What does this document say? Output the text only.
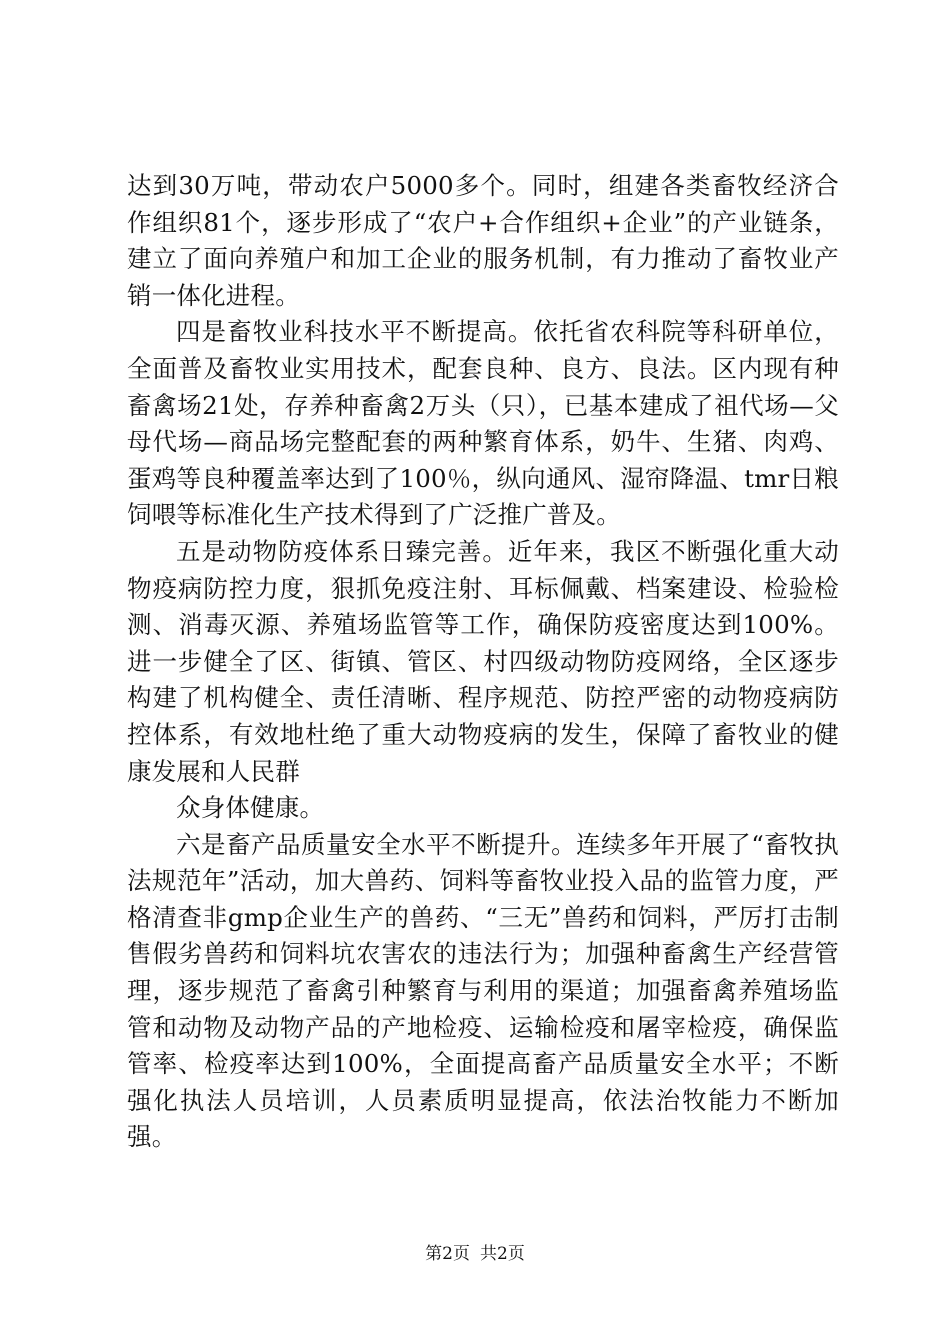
达到30万吨，带动农户5000多个。同时，组建各类畜牧经济合作组织81个，逐步形成了“农户+合作组织+企业”的产业链条，建立了面向养殖户和加工企业的服务机制，有力推动了畜牧业产销一体化进程。

四是畜牧业科技水平不断提高。依托省农科院等科研单位，全面普及畜牧业实用技术，配套良种、良方、良法。区内现有种畜禽场21处，存养种畜禽2万头（只），已基本建成了祖代场—父母代场—商品场完整配套的两种繁育体系，奶牛、生猪、肉鸡、蛋鸡等良种覆盖率达到了100％，纵向通风、湿帘降温、tmr日粮饲喂等标准化生产技术得到了广泛推广普及。

五是动物防疫体系日臻完善。近年来，我区不断强化重大动物疫病防控力度，狠抓免疫注射、耳标佩戴、档案建设、检验检测、消毒灭源、养殖场监管等工作，确保防疫密度达到100%。进一步健全了区、街镇、管区、村四级动物防疫网络，全区逐步构建了机构健全、责任清晰、程序规范、防控严密的动物疫病防控体系，有效地杜绝了重大动物疫病的发生，保障了畜牧业的健康发展和人民群

众身体健康。

六是畜产品质量安全水平不断提升。连续多年开展了“畜牧执法规范年”活动，加大兽药、饲料等畜牧业投入品的监管力度，严格清查非gmp企业生产的兽药、“三无”兽药和饲料，严厉打击制售假劣兽药和饲料坑农害农的违法行为；加强种畜禽生产经营管理，逐步规范了畜禽引种繁育与利用的渠道；加强畜禽养殖场监管和动物及动物产品的产地检疫、运输检疫和屠宰检疫，确保监管率、检疫率达到100%，全面提高畜产品质量安全水平；不断强化执法人员培训，人员素质明显提高，依法治牧能力不断加强。

第2页 共2页
